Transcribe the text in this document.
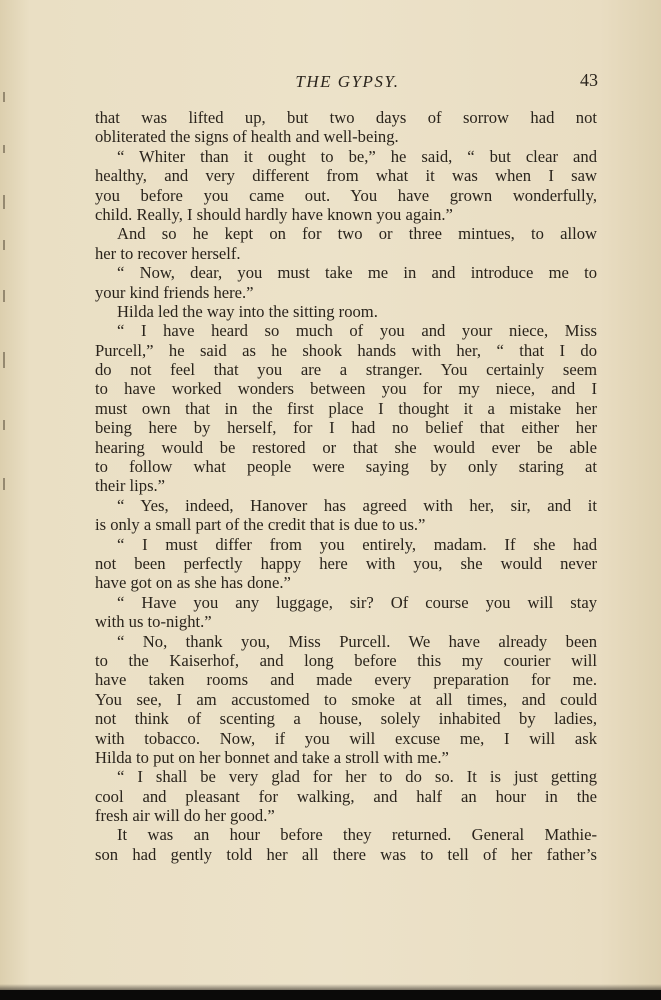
THE GYPSY.	43
that was lifted up, but two days of sorrow had not
obliterated the signs of health and well-being.
“ Whiter than it ought to be,” he said, “ but clear and
healthy, and very different from what it was when I saw
you before you came out. You have grown wonderfully,
child. Really, I should hardly have known you again.”
And so he kept on for two or three mintues, to allow
her to recover herself.
“ Now, dear, you must take me in and introduce me to
your kind friends here.”
Hilda led the way into the sitting room.
“ I have heard so much of you and your niece, Miss
Purcell,” he said as he shook hands with her, “ that I do
do not feel that you are a stranger. You certainly seem
to have worked wonders between you for my niece, and I
must own that in the first place I thought it a mistake her
being here by herself, for I had no belief that either her
hearing would be restored or that she would ever be able
to follow what people were saying by only staring at
their lips.”
“ Yes, indeed, Hanover has agreed with her, sir, and it
is only a small part of the credit that is due to us.”
“ I must differ from you entirely, madam. If she had
not been perfectly happy here with you, she would never
have got on as she has done.”
“ Have you any luggage, sir? Of course you will stay
with us to-night.”
“ No, thank you, Miss Purcell. We have already been
to the Kaiserhof, and long before this my courier will
have taken rooms and made every preparation for me.
You see, I am accustomed to smoke at all times, and could
not think of scenting a house, solely inhabited by ladies,
with tobacco. Now, if you will excuse me, I will ask
Hilda to put on her bonnet and take a stroll with me.”
“ I shall be very glad for her to do so. It is just getting
cool and pleasant for walking, and half an hour in the
fresh air will do her good.”
It was an hour before they returned. General Mathie-
son had gently told her all there was to tell of her father’s
